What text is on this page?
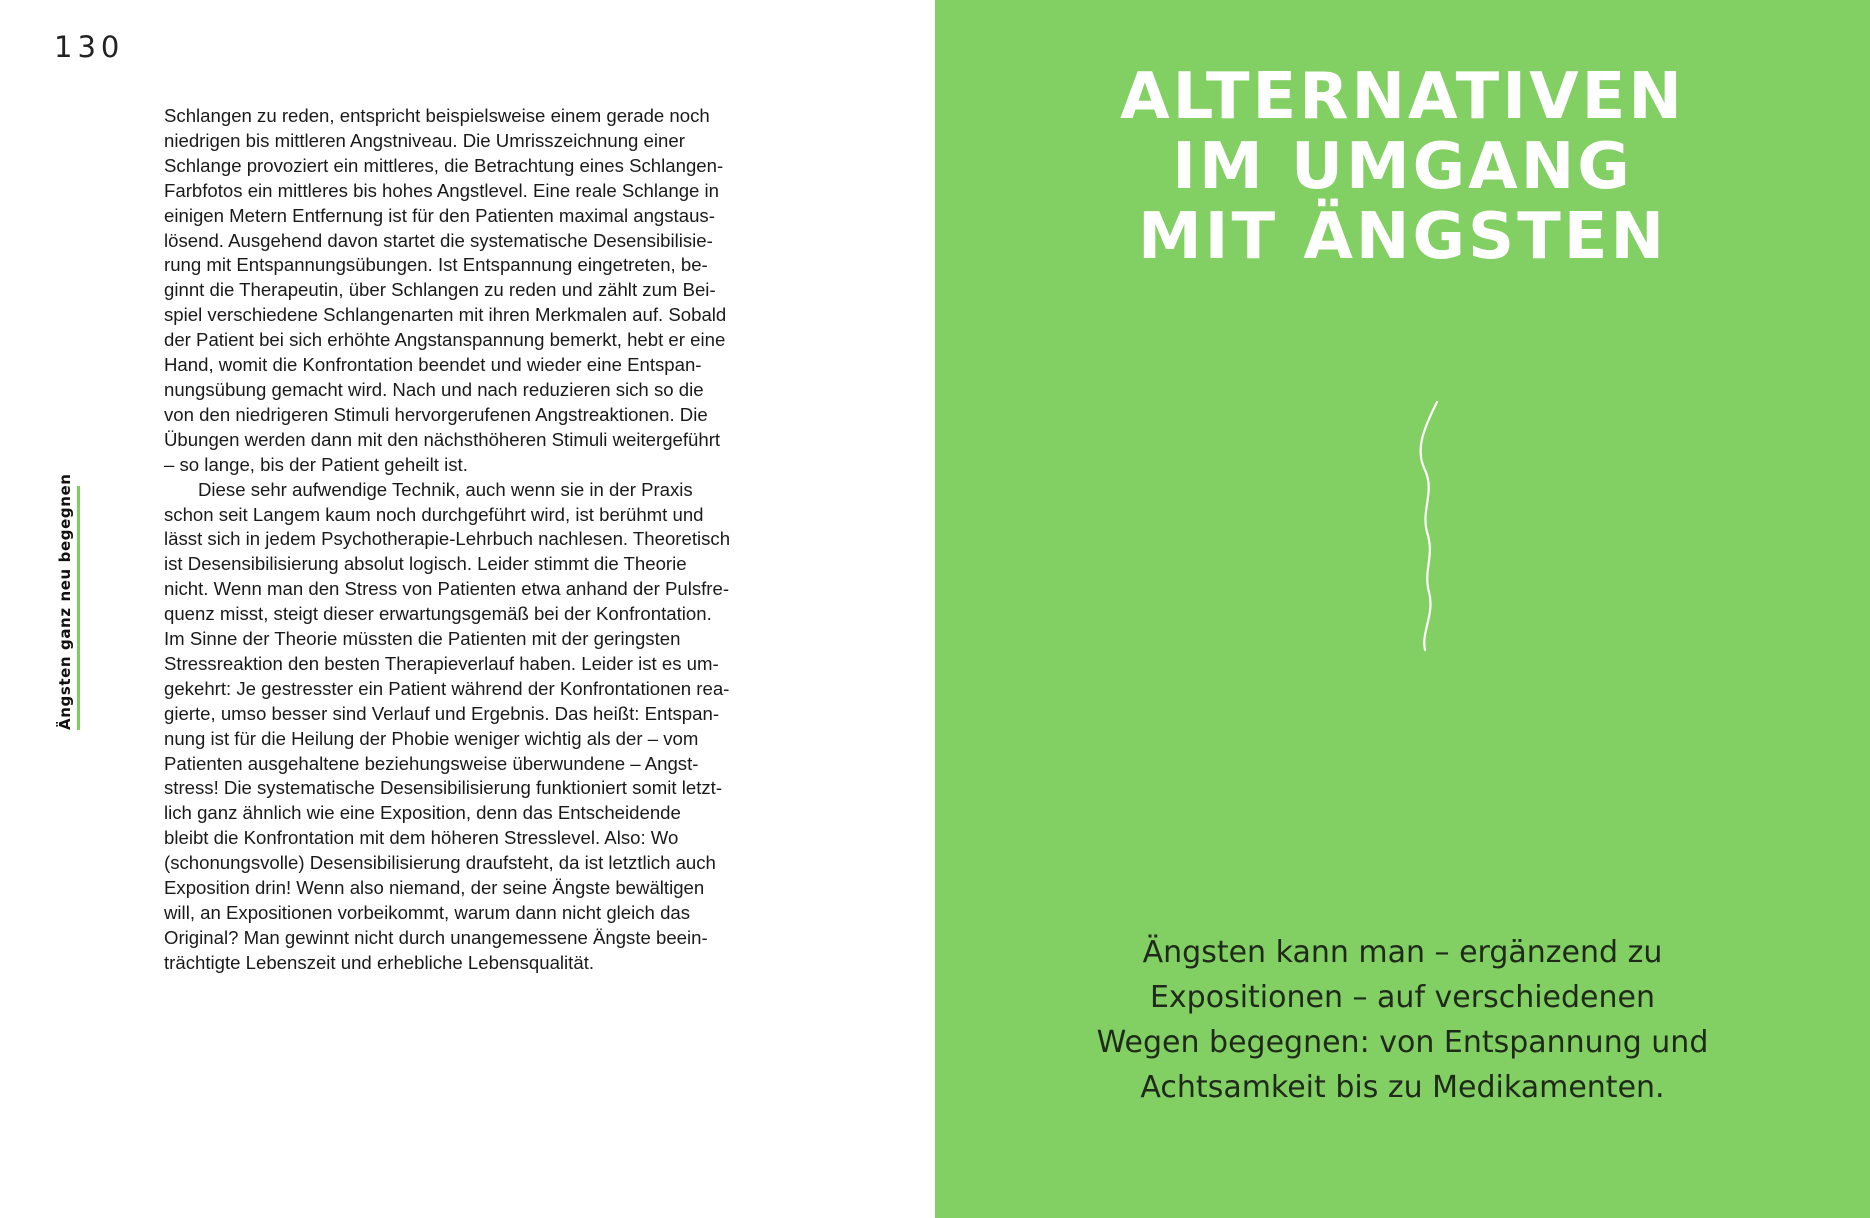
130
Ängsten ganz neu begegnen

Schlangen zu reden, entspricht beispielsweise einem gerade noch

niedrigen bis mittleren Angstniveau. Die Umrisszeichnung einer

Schlange provoziert ein mittleres, die Betrachtung eines Schlangen-

Farbfotos ein mittleres bis hohes Angstlevel. Eine reale Schlange in

einigen Metern Entfernung ist für den Patienten maximal angstaus-

lösend. Ausgehend davon startet die systematische Desensibilisie-

rung mit Entspannungsübungen. Ist Entspannung eingetreten, be-

ginnt die Therapeutin, über Schlangen zu reden und zählt zum Bei-

spiel verschiedene Schlangenarten mit ihren Merkmalen auf. Sobald

der Patient bei sich erhöhte Angstanspannung bemerkt, hebt er eine

Hand, womit die Konfrontation beendet und wieder eine Entspan-

nungsübung gemacht wird. Nach und nach reduzieren sich so die

von den niedrigeren Stimuli hervorgerufenen Angstreaktionen. Die

Übungen werden dann mit den nächsthöheren Stimuli weitergeführt

– so lange, bis der Patient geheilt ist.

Diese sehr aufwendige Technik, auch wenn sie in der Praxis

schon seit Langem kaum noch durchgeführt wird, ist berühmt und

lässt sich in jedem Psychotherapie-Lehrbuch nachlesen. Theoretisch

ist Desensibilisierung absolut logisch. Leider stimmt die Theorie

nicht. Wenn man den Stress von Patienten etwa anhand der Pulsfre-

quenz misst, steigt dieser erwartungsgemäß bei der Konfrontation.

Im Sinne der Theorie müssten die Patienten mit der geringsten

Stressreaktion den besten Therapieverlauf haben. Leider ist es um-

gekehrt: Je gestresster ein Patient während der Konfrontationen rea-

gierte, umso besser sind Verlauf und Ergebnis. Das heißt: Entspan-

nung ist für die Heilung der Phobie weniger wichtig als der – vom

Patienten ausgehaltene beziehungsweise überwundene – Angst-

stress! Die systematische Desensibilisierung funktioniert somit letzt-

lich ganz ähnlich wie eine Exposition, denn das Entscheidende

bleibt die Konfrontation mit dem höheren Stresslevel. Also: Wo

(schonungsvolle) Desensibilisierung draufsteht, da ist letztlich auch

Exposition drin! Wenn also niemand, der seine Ängste bewältigen

will, an Expositionen vorbeikommt, warum dann nicht gleich das

Original? Man gewinnt nicht durch unangemessene Ängste beein-

trächtigte Lebenszeit und erhebliche Lebensqualität.

ALTERNATIVEN
IM UMGANG
MIT ÄNGSTEN
Ängsten kann man – ergänzend zu
Expositionen – auf verschiedenen
Wegen begegnen: von Entspannung und
Achtsamkeit bis zu Medikamenten.
